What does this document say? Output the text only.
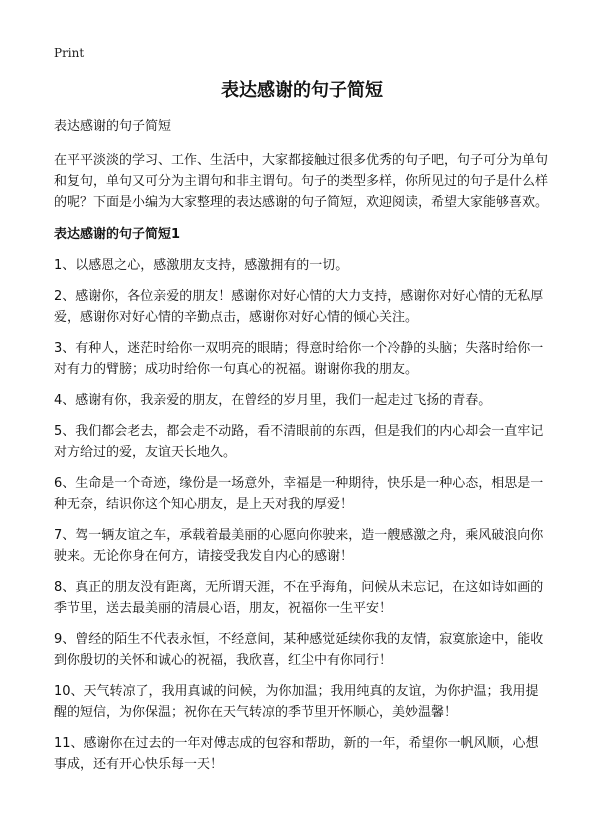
Print
表达感谢的句子简短
表达感谢的句子简短
在平平淡淡的学习、工作、生活中，大家都接触过很多优秀的句子吧，句子可分为单句和复句，单句又可分为主谓句和非主谓句。句子的类型多样，你所见过的句子是什么样的呢？下面是小编为大家整理的表达感谢的句子简短，欢迎阅读，希望大家能够喜欢。
表达感谢的句子简短1
1、以感恩之心，感激朋友支持，感激拥有的一切。
2、感谢你，各位亲爱的朋友！感谢你对好心情的大力支持，感谢你对好心情的无私厚爱，感谢你对好心情的辛勤点击，感谢你对好心情的倾心关注。
3、有种人，迷茫时给你一双明亮的眼睛；得意时给你一个冷静的头脑；失落时给你一对有力的臂膀；成功时给你一句真心的祝福。谢谢你我的朋友。
4、感谢有你，我亲爱的朋友，在曾经的岁月里，我们一起走过飞扬的青春。
5、我们都会老去，都会走不动路，看不清眼前的东西，但是我们的内心却会一直牢记对方给过的爱，友谊天长地久。
6、生命是一个奇迹，缘份是一场意外，幸福是一种期待，快乐是一种心态，相思是一种无奈，结识你这个知心朋友，是上天对我的厚爱！
7、驾一辆友谊之车，承载着最美丽的心愿向你驶来，造一艘感激之舟，乘风破浪向你驶来。无论你身在何方，请接受我发自内心的感谢！
8、真正的朋友没有距离，无所谓天涯，不在乎海角，问候从未忘记，在这如诗如画的季节里，送去最美丽的清晨心语，朋友，祝福你一生平安！
9、曾经的陌生不代表永恒，不经意间，某种感觉延续你我的友情，寂寞旅途中，能收到你殷切的关怀和诚心的祝福，我欣喜，红尘中有你同行！
10、天气转凉了，我用真诚的问候，为你加温；我用纯真的友谊，为你护温；我用提醒的短信，为你保温；祝你在天气转凉的季节里开怀顺心，美妙温馨！
11、感谢你在过去的一年对傅志成的包容和帮助，新的一年，希望你一帆风顺，心想事成，还有开心快乐每一天！
